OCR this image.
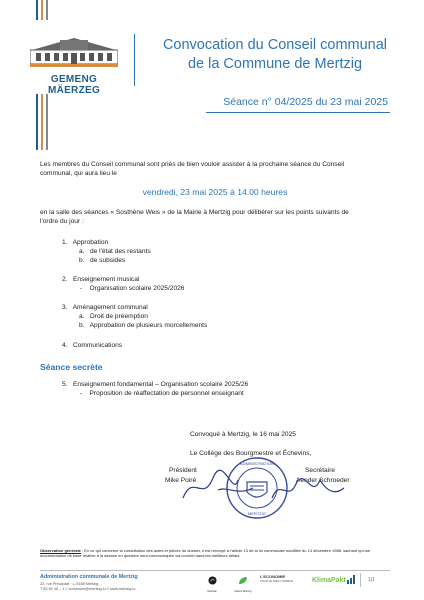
GEMENG MÄERZEG
Convocation du Conseil communal
de la Commune de Mertzig
Séance n° 04/2025 du 23 mai 2025
Les membres du Conseil communal sont priés de bien vouloir assister à la prochaine séance du Conseil
communal, qui aura lieu le
vendredi, 23 mai 2025 à 14.00 heures
en la salle des séances « Sosthène Weis » de la Mairie à Mertzig pour délibérer sur les points suivants de
l'ordre du jour :
1. Approbation
a. de l'état des restants
b. de subsides
2. Enseignement musical
- Organisation scolaire 2025/2026
3. Aménagement communal
a. Droit de préemption
b. Approbation de plusieurs morcellements
4. Communications
Séance secrète
5. Enseignement fondamental – Organisation scolaire 2025/26
- Proposition de réaffectation de personnel enseignant
Convoqué à Mertzig, le 16 mai 2025
Le Collège des Bourgmestre et Échevins,
Président
Mike Poiré
Secrétaire
Aender Schroeder
ADMINISTRATION
MERTZIG
Observation générale : En ce qui concerne la consultation des actes et pièces du dossier, il est renvoyé à l'article 13 de la loi communale modifiée du 13 décembre 1988, sachant qu'une documentation de base relative à la séance en question sera communiquée via courriel dans les meilleurs délais.
Administration communale de Mertzig
22, rue Principale · L-9168 Mertzig
T 83 82 48 – 1 // commune@mertzig.lu // www.mertzig.lu
fairtrade	Nature Mertzig
L'ECONOMIE
POUR LE BIEN COMMUN	KlimaPakt	1|1
